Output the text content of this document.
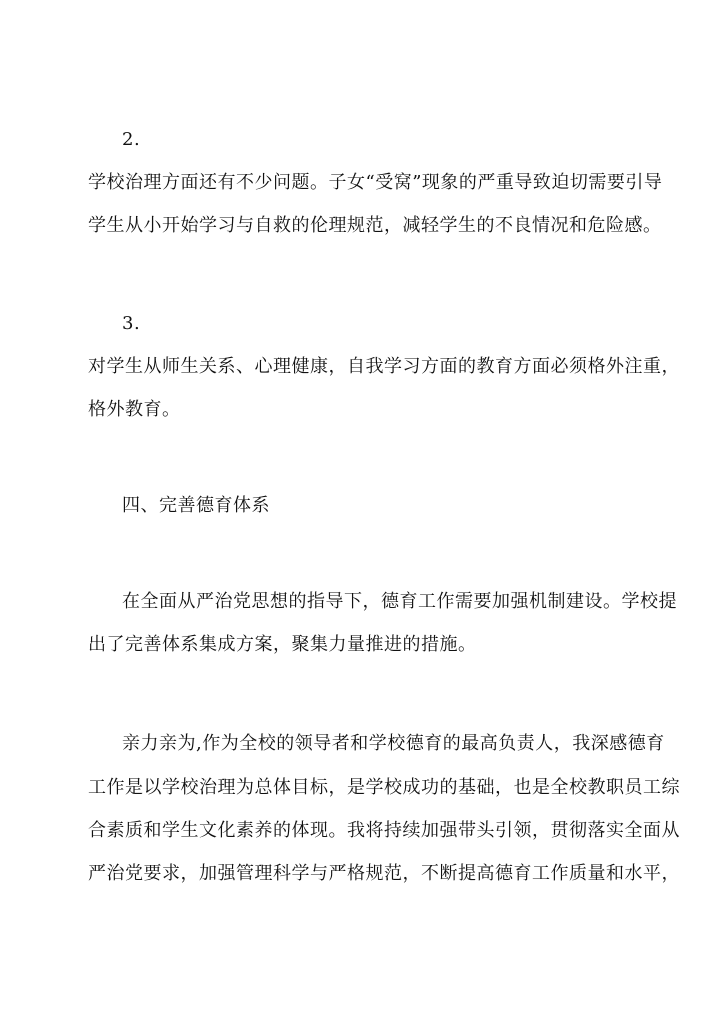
2.
学校治理方面还有不少问题。子女“受窝”现象的严重导致迫切需要引导
学生从小开始学习与自救的伦理规范，减轻学生的不良情况和危险感。
3.
对学生从师生关系、心理健康，自我学习方面的教育方面必须格外注重，
格外教育。
四、完善德育体系
在全面从严治党思想的指导下，德育工作需要加强机制建设。学校提
出了完善体系集成方案，聚集力量推进的措施。
亲力亲为,作为全校的领导者和学校德育的最高负责人，我深感德育
工作是以学校治理为总体目标，是学校成功的基础，也是全校教职员工综
合素质和学生文化素养的体现。我将持续加强带头引领，贯彻落实全面从
严治党要求，加强管理科学与严格规范，不断提高德育工作质量和水平，
